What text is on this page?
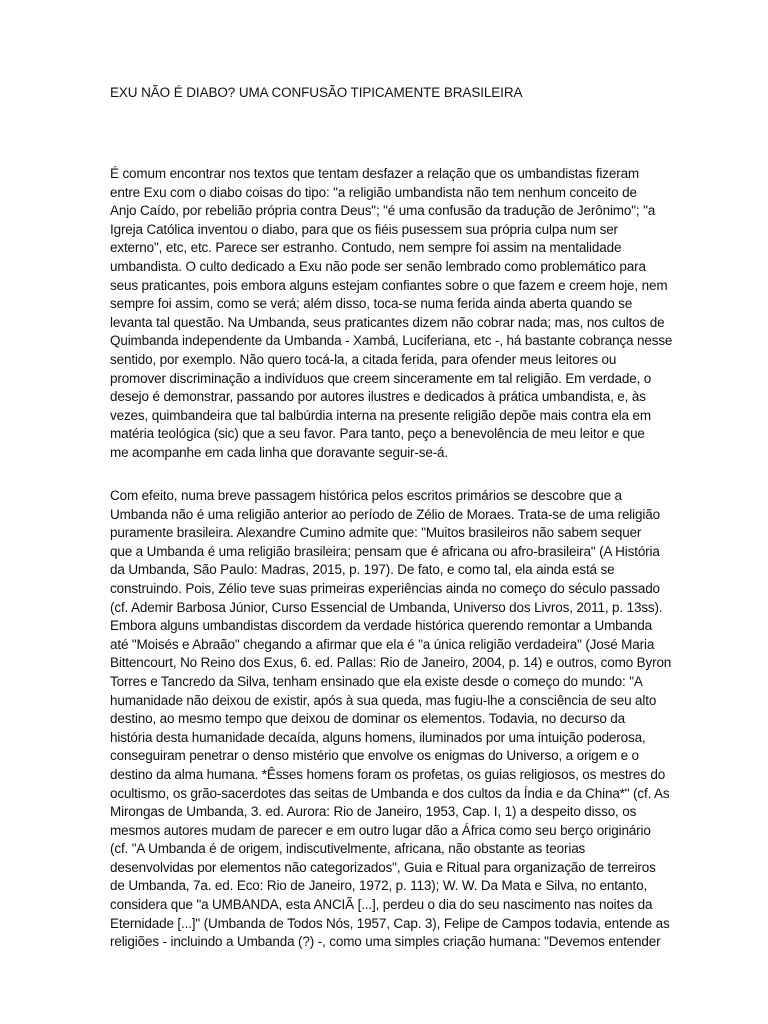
EXU NÃO É DIABO? UMA CONFUSÃO TIPICAMENTE BRASILEIRA
É comum encontrar nos textos que tentam desfazer a relação que os umbandistas fizeram
entre Exu com o diabo coisas do tipo: "a religião umbandista não tem nenhum conceito de
Anjo Caído, por rebelião própria contra Deus"; "é uma confusão da tradução de Jerônimo"; "a
Igreja Católica inventou o diabo, para que os fiéis pusessem sua própria culpa num ser
externo", etc, etc. Parece ser estranho. Contudo, nem sempre foi assim na mentalidade
umbandista. O culto dedicado a Exu não pode ser senão lembrado como problemático para
seus praticantes, pois embora alguns estejam confiantes sobre o que fazem e creem hoje, nem
sempre foi assim, como se verá; além disso, toca-se numa ferida ainda aberta quando se
levanta tal questão. Na Umbanda, seus praticantes dizem não cobrar nada; mas, nos cultos de
Quimbanda independente da Umbanda - Xambá, Luciferiana, etc -, há bastante cobrança nesse
sentido, por exemplo. Não quero tocá-la, a citada ferida, para ofender meus leitores ou
promover discriminação a indivíduos que creem sinceramente em tal religião. Em verdade, o
desejo é demonstrar, passando por autores ilustres e dedicados à prática umbandista, e, às
vezes, quimbandeira que tal balbúrdia interna na presente religião depõe mais contra ela em
matéria teológica (sic) que a seu favor. Para tanto, peço a benevolência de meu leitor e que
me acompanhe em cada linha que doravante seguir-se-á.
Com efeito, numa breve passagem histórica pelos escritos primários se descobre que a
Umbanda não é uma religião anterior ao período de Zélio de Moraes. Trata-se de uma religião
puramente brasileira. Alexandre Cumino admite que: "Muitos brasileiros não sabem sequer
que a Umbanda é uma religião brasileira; pensam que é africana ou afro-brasileira" (A História
da Umbanda, São Paulo: Madras, 2015, p. 197). De fato, e como tal, ela ainda está se
construindo. Pois, Zélio teve suas primeiras experiências ainda no começo do século passado
(cf. Ademir Barbosa Júnior, Curso Essencial de Umbanda, Universo dos Livros, 2011, p. 13ss).
Embora alguns umbandistas discordem da verdade histórica querendo remontar a Umbanda
até "Moisés e Abraão" chegando a afirmar que ela é "a única religião verdadeira" (José Maria
Bittencourt, No Reino dos Exus, 6. ed. Pallas: Rio de Janeiro, 2004, p. 14) e outros, como Byron
Torres e Tancredo da Silva, tenham ensinado que ela existe desde o começo do mundo: "A
humanidade não deixou de existir, após à sua queda, mas fugiu-lhe a consciência de seu alto
destino, ao mesmo tempo que deixou de dominar os elementos. Todavia, no decurso da
história desta humanidade decaída, alguns homens, iluminados por uma intuição poderosa,
conseguiram penetrar o denso mistério que envolve os enigmas do Universo, a origem e o
destino da alma humana. *Êsses homens foram os profetas, os guias religiosos, os mestres do
ocultismo, os grão-sacerdotes das seitas de Umbanda e dos cultos da Índia e da China*" (cf. As
Mirongas de Umbanda, 3. ed. Aurora: Rio de Janeiro, 1953, Cap. I, 1) a despeito disso, os
mesmos autores mudam de parecer e em outro lugar dão a África como seu berço originário
(cf. "A Umbanda é de origem, indiscutivelmente, africana, não obstante as teorias
desenvolvidas por elementos não categorizados", Guia e Ritual para organização de terreiros
de Umbanda, 7a. ed. Eco: Rio de Janeiro, 1972, p. 113); W. W. Da Mata e Silva, no entanto,
considera que "a UMBANDA, esta ANCIÃ [...], perdeu o dia do seu nascimento nas noites da
Eternidade [...]" (Umbanda de Todos Nós, 1957, Cap. 3), Felipe de Campos todavia, entende as
religiões - incluindo a Umbanda (?) -, como uma simples criação humana: "Devemos entender
